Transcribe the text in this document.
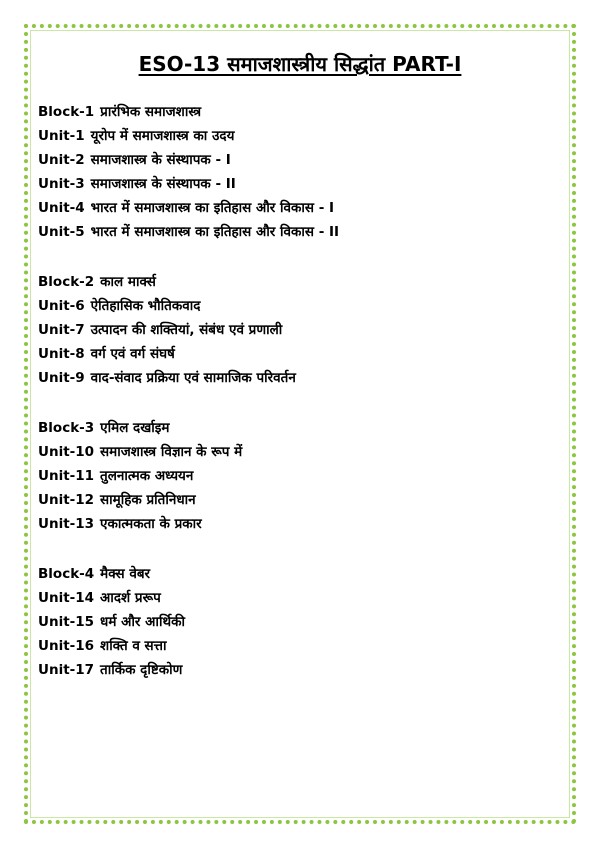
ESO-13 समाजशास्त्रीय सिद्धांत PART-I
Block-1 प्रारंभिक समाजशास्त्र
Unit-1 यूरोप में समाजशास्त्र का उदय
Unit-2 समाजशास्त्र के संस्थापक - I
Unit-3 समाजशास्त्र के संस्थापक - II
Unit-4 भारत में समाजशास्त्र का इतिहास और विकास - I
Unit-5 भारत में समाजशास्त्र का इतिहास और विकास - II
Block-2 काल मार्क्स
Unit-6 ऐतिहासिक भौतिकवाद
Unit-7 उत्पादन की शक्तियां, संबंध एवं प्रणाली
Unit-8 वर्ग एवं वर्ग संघर्ष
Unit-9 वाद-संवाद प्रक्रिया एवं सामाजिक परिवर्तन
Block-3 एमिल दर्खाइम
Unit-10 समाजशास्त्र विज्ञान के रूप में
Unit-11 तुलनात्मक अध्ययन
Unit-12 सामूहिक प्रतिनिधान
Unit-13 एकात्मकता के प्रकार
Block-4 मैक्स वेबर
Unit-14 आदर्श प्ररूप
Unit-15 धर्म और आर्थिकी
Unit-16 शक्ति व सत्ता
Unit-17 तार्किक दृष्टिकोण
